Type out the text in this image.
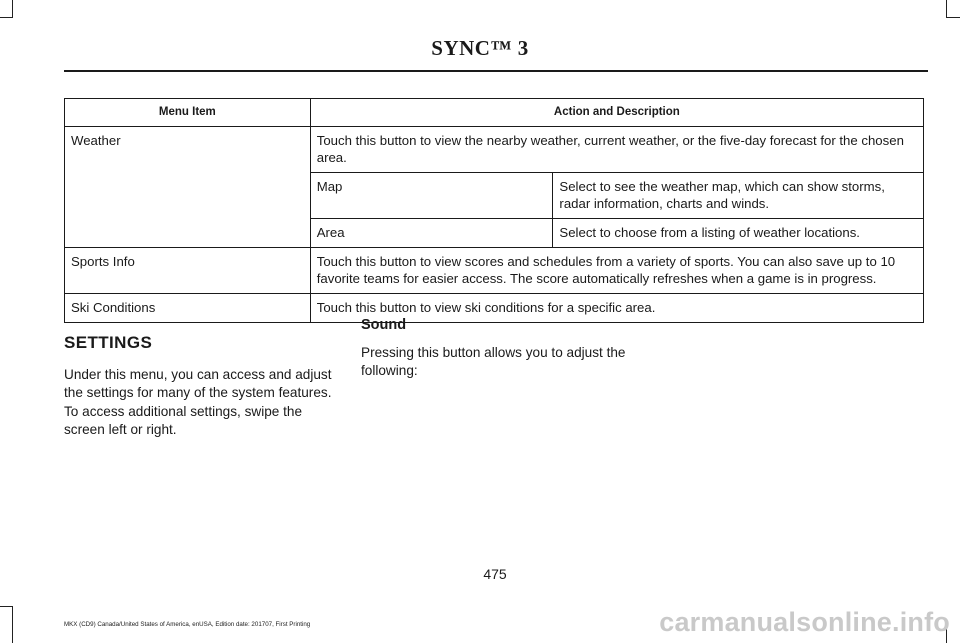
SYNC™ 3
Menu Item	Action and Description	
Weather	Touch this button to view the nearby weather, current weather, or the five-day forecast for the chosen area.	
	Map	Select to see the weather map, which can show storms, radar information, charts and winds.
	Area	Select to choose from a listing of weather locations.
Sports Info	Touch this button to view scores and schedules from a variety of sports. You can also save up to 10 favorite teams for easier access. The score automatically refreshes when a game is in progress.	
Ski Conditions	Touch this button to view ski conditions for a specific area.	
SETTINGS
Under this menu, you can access and adjust the settings for many of the system features. To access additional settings, swipe the screen left or right.
Sound
Pressing this button allows you to adjust the following:
475
MKX (CD9) Canada/United States of America, enUSA, Edition date: 201707, First Printing	carmanualsonline.info
